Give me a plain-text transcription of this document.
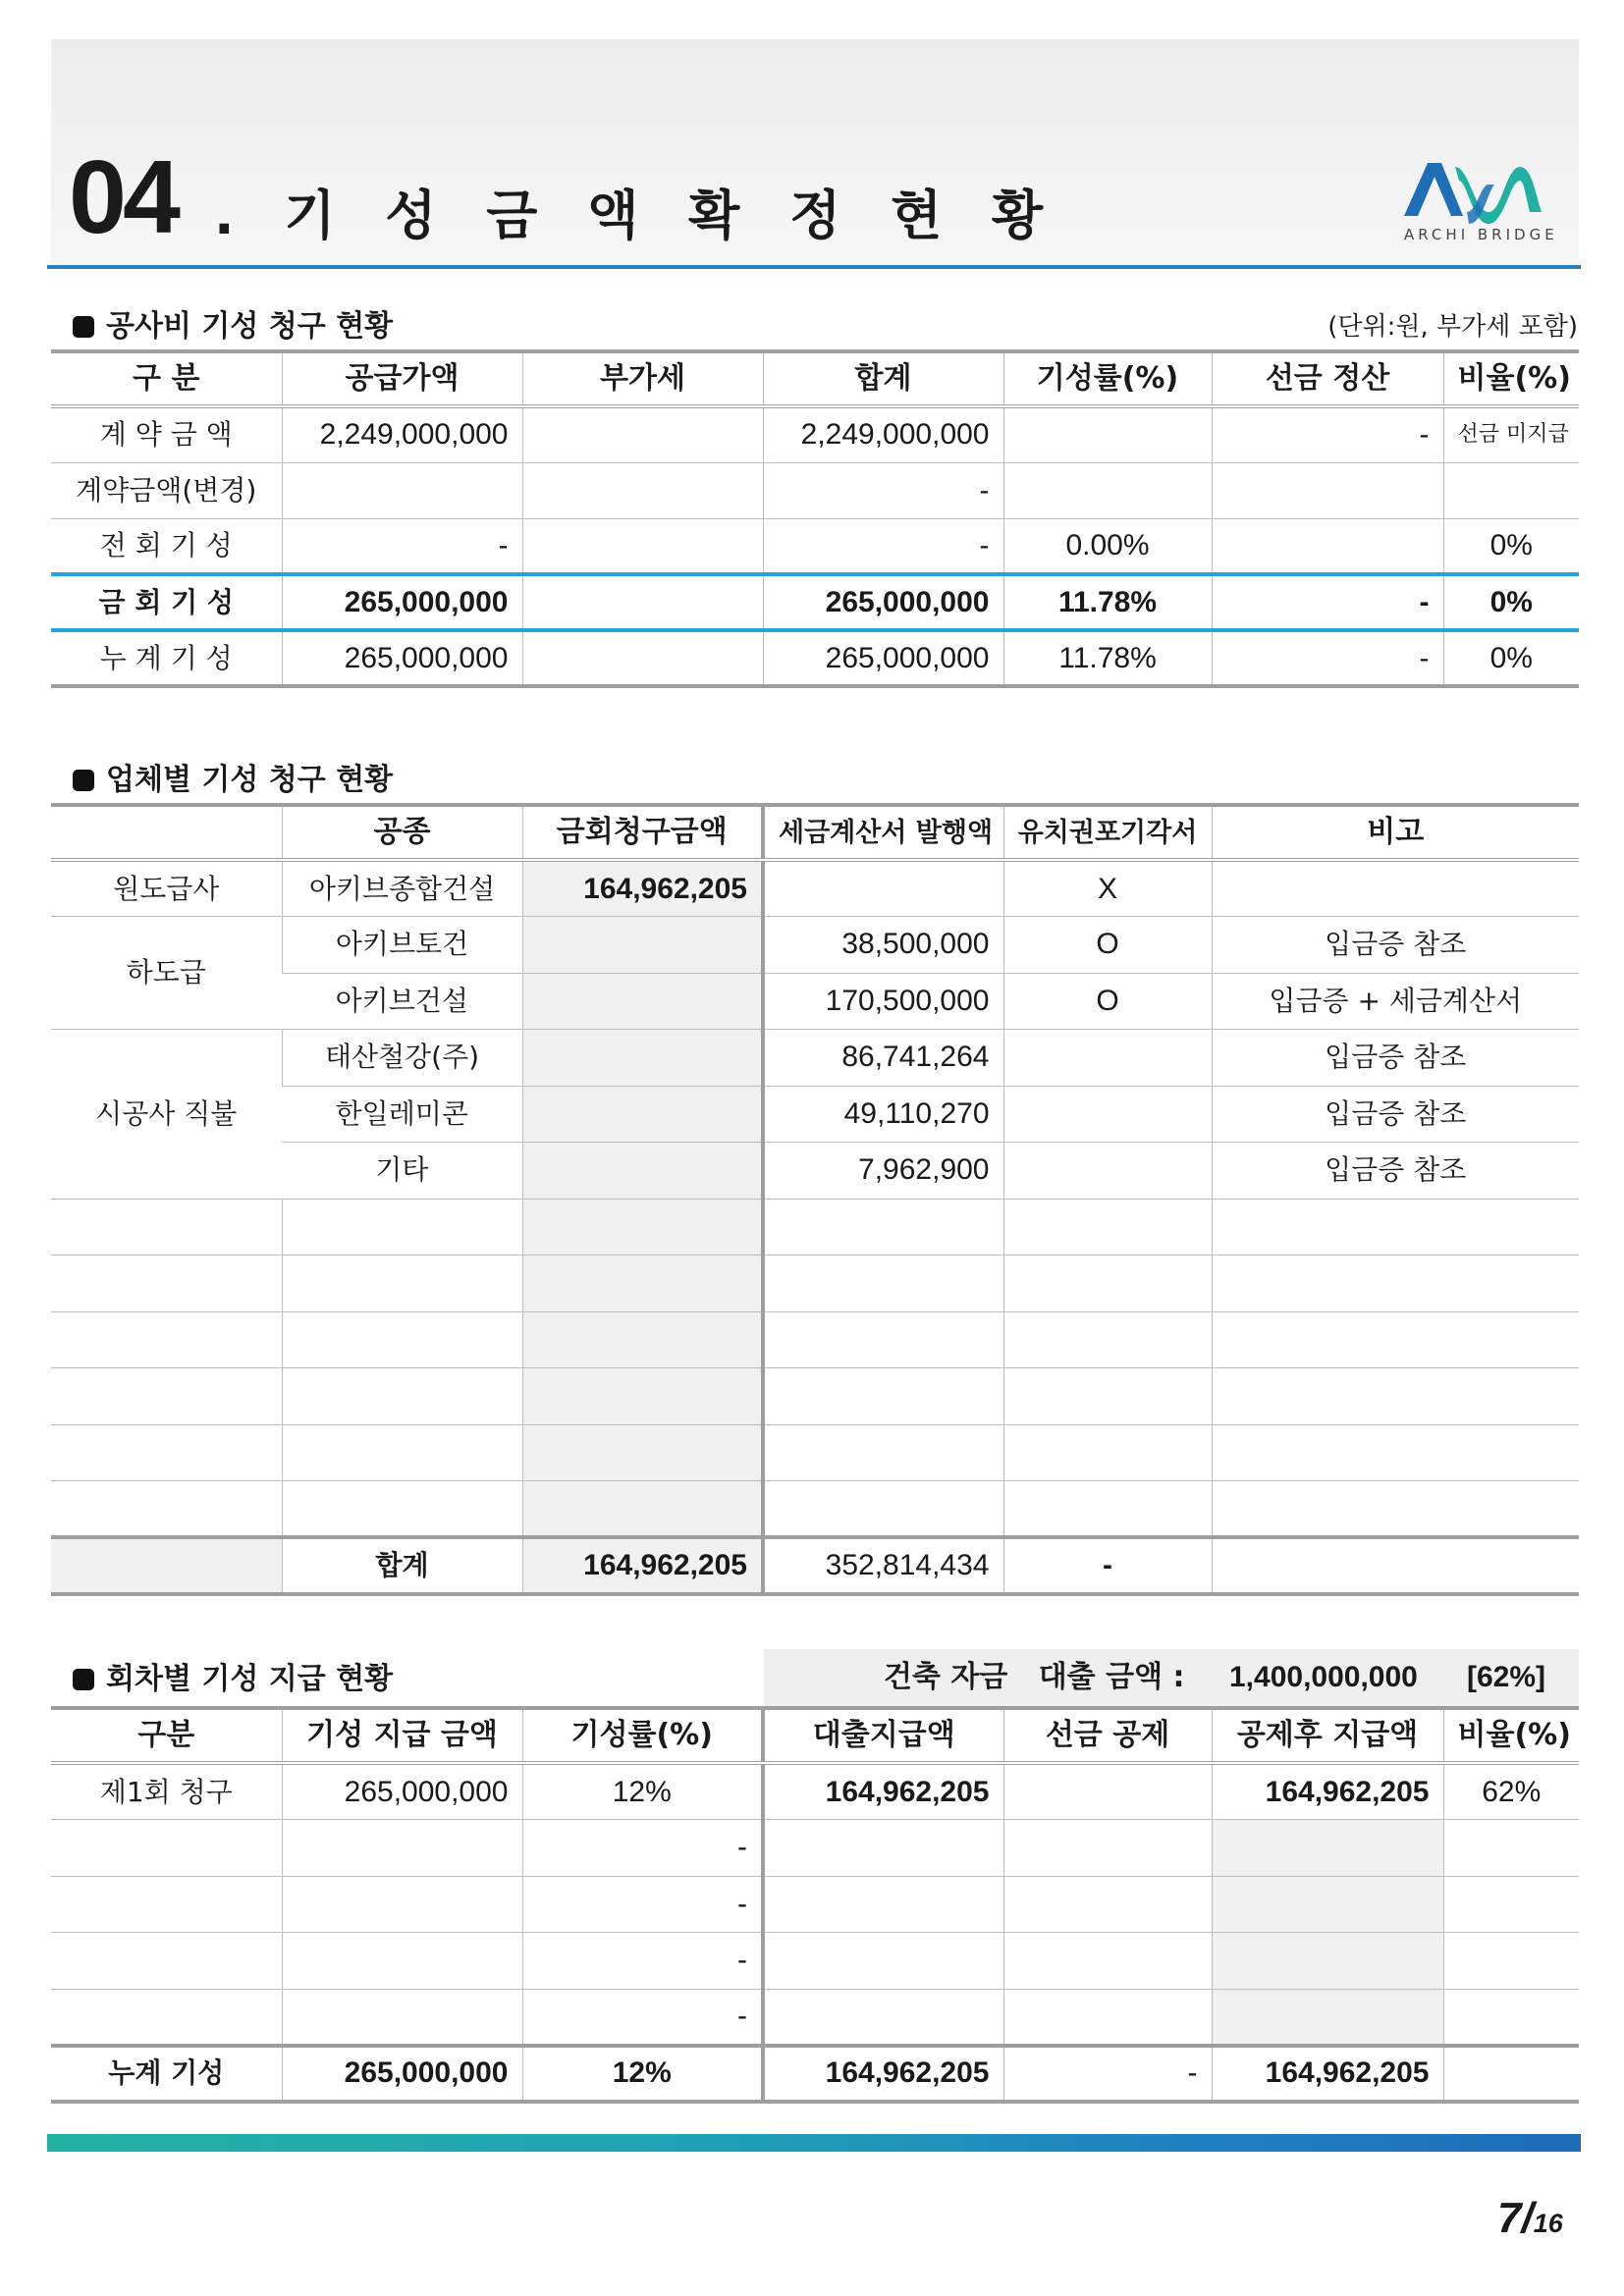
04 . 기 성 금 액 확 정 현 황	ARCHI BRIDGE
공사비 기성 청구 현황	(단위:원, 부가세 포함)
구 분	공급가액	부가세	합계	기성률(%)	선금 정산	비율(%)
계 약 금 액	2,249,000,000		2,249,000,000		-	선금 미지급
계약금액(변경)			-			
전 회 기 성	-		-	0.00%		0%
금 회 기 성	265,000,000		265,000,000	11.78%	-	0%
누 계 기 성	265,000,000		265,000,000	11.78%	-	0%
업체별 기성 청구 현황
	공종	금회청구금액	세금계산서 발행액	유치권포기각서	비고
원도급사	아키브종합건설	164,962,205		X	
하도급	아키브토건		38,500,000	O	입금증 참조
	아키브건설		170,500,000	O	입금증 + 세금계산서
시공사 직불	태산철강(주)		86,741,264		입금증 참조
	한일레미콘		49,110,270		입금증 참조
	기타		7,962,900		입금증 참조

	합계	164,962,205	352,814,434	-	
회차별 기성 지급 현황	건축 자금   대출 금액 : 1,400,000,000 [62%]
구분	기성 지급 금액	기성률(%)	대출지급액	선금 공제	공제후 지급액	비율(%)
제1회 청구	265,000,000	12%	164,962,205		164,962,205	62%
		-				
		-				
		-				
		-				
누계 기성	265,000,000	12%	164,962,205	-	164,962,205	
7/16
